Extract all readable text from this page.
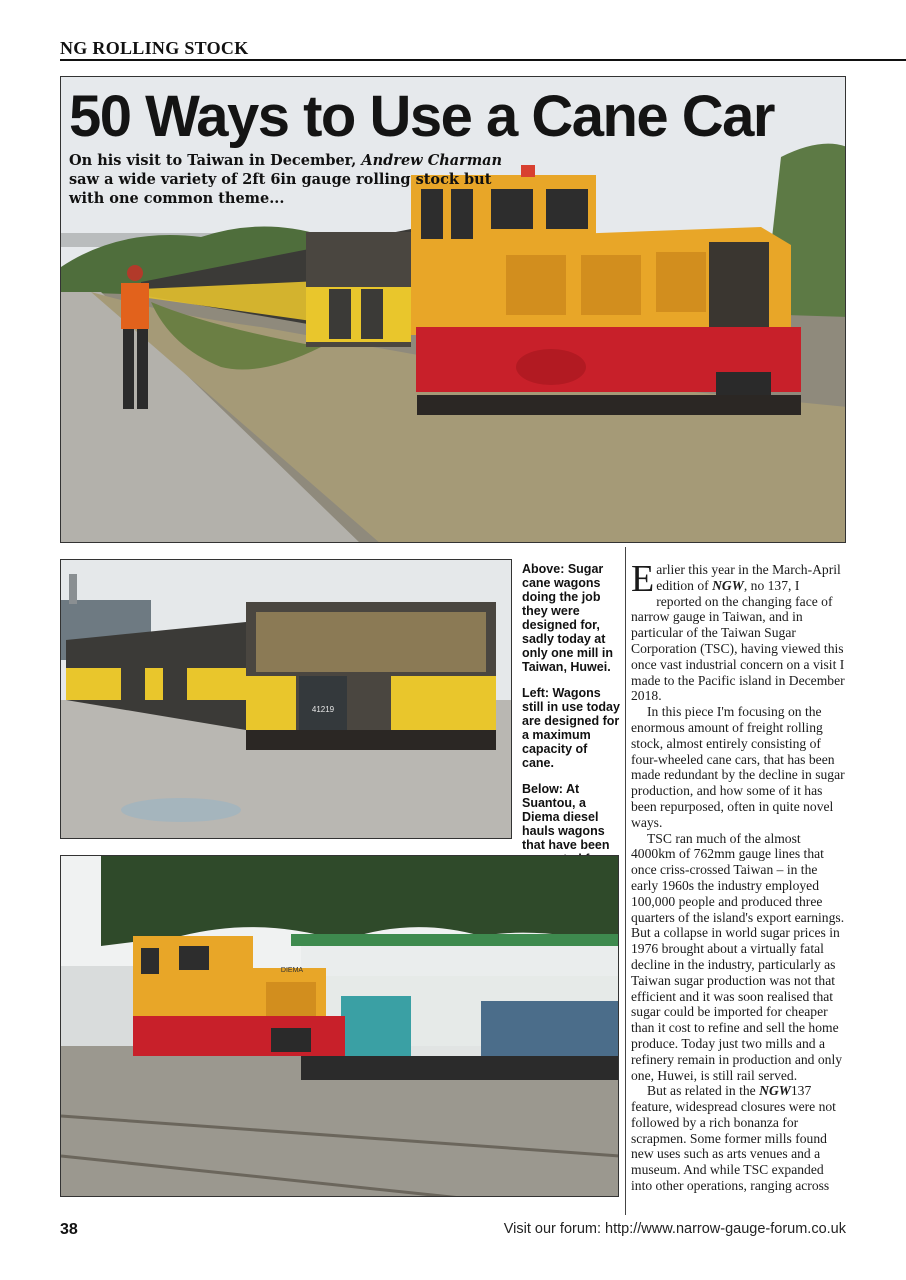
NG ROLLING STOCK
50 Ways to Use a Cane Car
On his visit to Taiwan in December, Andrew Charman saw a wide variety of 2ft 6in gauge rolling stock but with one common theme...
41219

Above: Sugar cane wagons doing the job they were designed for, sadly today at only one mill in Taiwan, Huwei.

Left: Wagons still in use today are designed for a maximum capacity of cane.

Below: At Suantou, a Diema diesel hauls wagons that have been

Earlier this year in the March-April edition of NGW, no 137, I reported on the changing face of narrow gauge in Taiwan, and in particular of the Taiwan Sugar Corporation (TSC), having viewed this once vast industrial concern on a visit I made to the Pacific island in December 2018.

In this piece I'm focusing on the enormous amount of freight rolling stock, almost entirely consisting of four-wheeled cane cars, that has been made redundant by the decline in sugar production, and how some of it has been repurposed, often in quite novel ways.

TSC ran much of the almost 4000km of 762mm gauge lines that once criss-crossed Taiwan – in the early 1960s the industry employed 100,000 people and produced three quarters of the island's export earnings. But a collapse in world sugar prices in 1976 brought about a virtually fatal decline in the industry, particularly as Taiwan sugar production was not that efficient and it was soon realised that sugar could be imported for cheaper than it cost to refine and sell the home produce. Today just two mills and a refinery remain in production and only one, Huwei, is still rail served.

But as related in the NGW137 feature, widespread closures were not followed by a rich bonanza for scrapmen. Some former mills found new uses such as arts venues and a museum. And while TSC expanded into other operations, ranging across

DIEMA
38	Visit our forum: http://www.narrow-gauge-forum.co.uk
